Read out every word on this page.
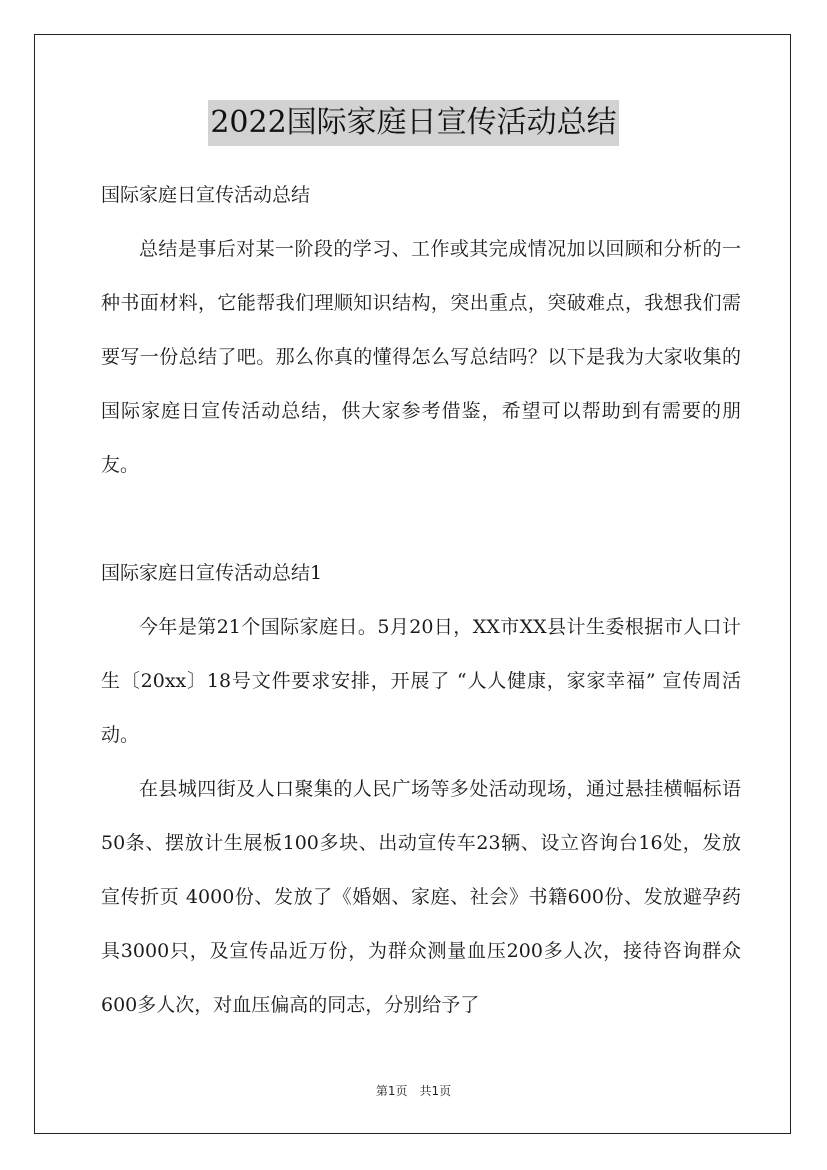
2022国际家庭日宣传活动总结

国际家庭日宣传活动总结

总结是事后对某一阶段的学习、工作或其完成情况加以回顾和分析的一种书面材料，它能帮我们理顺知识结构，突出重点，突破难点，我想我们需要写一份总结了吧。那么你真的懂得怎么写总结吗？以下是我为大家收集的国际家庭日宣传活动总结，供大家参考借鉴，希望可以帮助到有需要的朋友。

国际家庭日宣传活动总结1

今年是第21个国际家庭日。5月20日，XX市XX县计生委根据市人口计生〔20xx〕18号文件要求安排，开展了 “人人健康，家家幸福” 宣传周活动。

在县城四街及人口聚集的人民广场等多处活动现场，通过悬挂横幅标语50条、摆放计生展板100多块、出动宣传车23辆、设立咨询台16处，发放宣传折页 4000份、发放了《婚姻、家庭、社会》书籍600份、发放避孕药具3000只，及宣传品近万份，为群众测量血压200多人次，接待咨询群众600多人次，对血压偏高的同志，分别给予了

第1页　共1页
